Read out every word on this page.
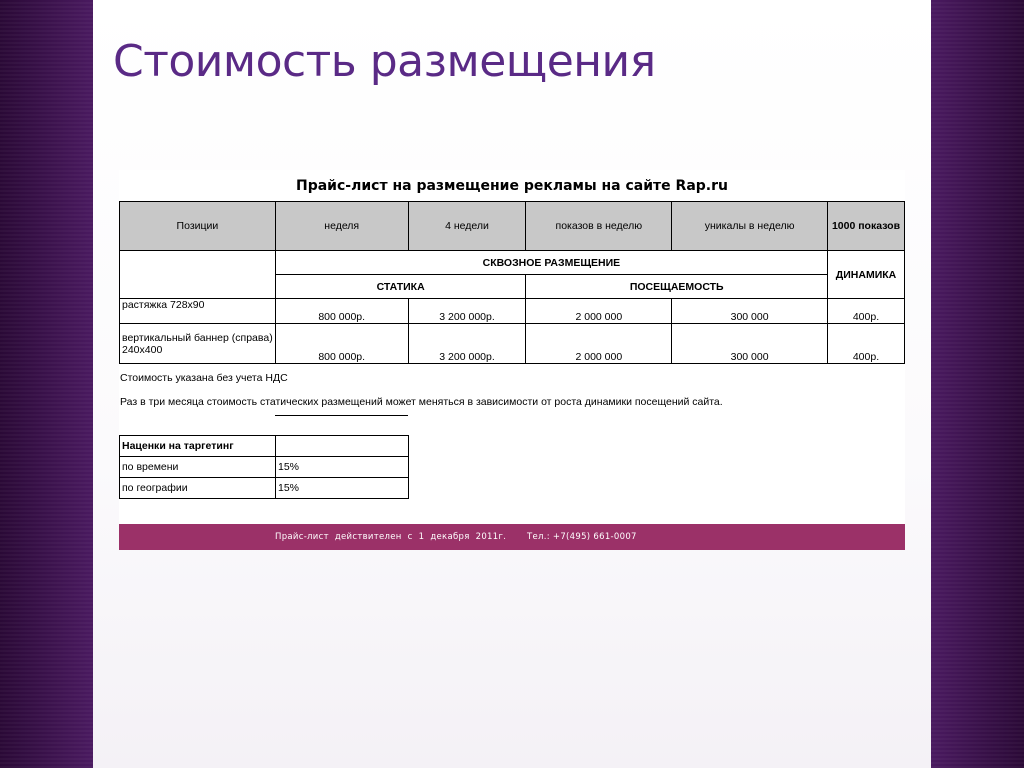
Стоимость размещения
Прайс-лист на размещение рекламы на сайте Rap.ru
Позиции	неделя	4 недели	показов в неделю	уникалы в неделю	1000 показов
	СКВОЗНОЕ РАЗМЕЩЕНИЕ				ДИНАМИКА
	СТАТИКА		ПОСЕЩАЕМОСТЬ		
растяжка 728x90	800 000р.	3 200 000р.	2 000 000	300 000	400р.
вертикальный баннер (справа) 240x400	800 000р.	3 200 000р.	2 000 000	300 000	400р.
Стоимость указана без учета НДС
Раз в три месяца стоимость статических размещений может меняться в зависимости от роста динамики посещений сайта.
Наценки на таргетинг	
по времени	15%
по географии	15%
Прайс-лист  действителен  с  1  декабря  2011г. Тел.: +7(495) 661-0007
